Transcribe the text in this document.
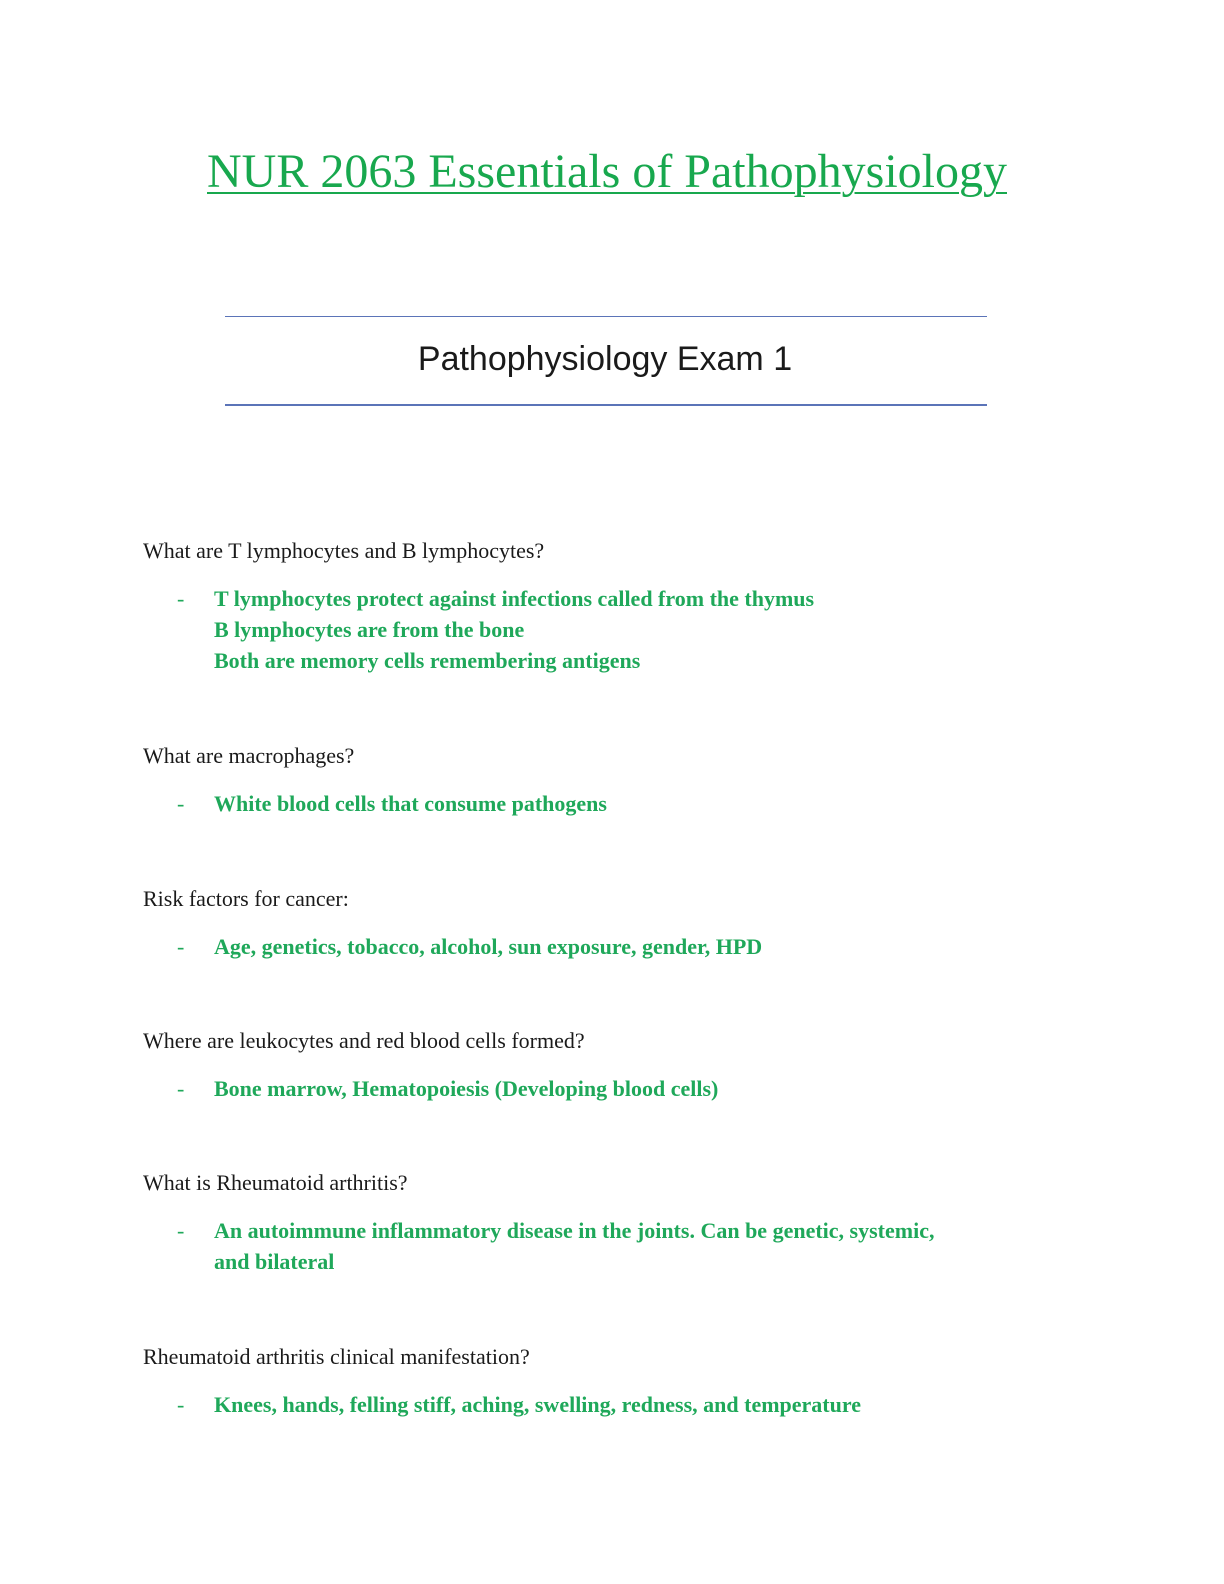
NUR 2063 Essentials of Pathophysiology
Pathophysiology Exam 1

What are T lymphocytes and B lymphocytes?

- T lymphocytes protect against infections called from the thymus
B lymphocytes are from the bone
Both are memory cells remembering antigens

What are macrophages?

- White blood cells that consume pathogens

Risk factors for cancer:

- Age, genetics, tobacco, alcohol, sun exposure, gender, HPD

Where are leukocytes and red blood cells formed?

- Bone marrow, Hematopoiesis (Developing blood cells)

What is Rheumatoid arthritis?

- An autoimmune inflammatory disease in the joints. Can be genetic, systemic,
and bilateral

Rheumatoid arthritis clinical manifestation?

- Knees, hands, felling stiff, aching, swelling, redness, and temperature
